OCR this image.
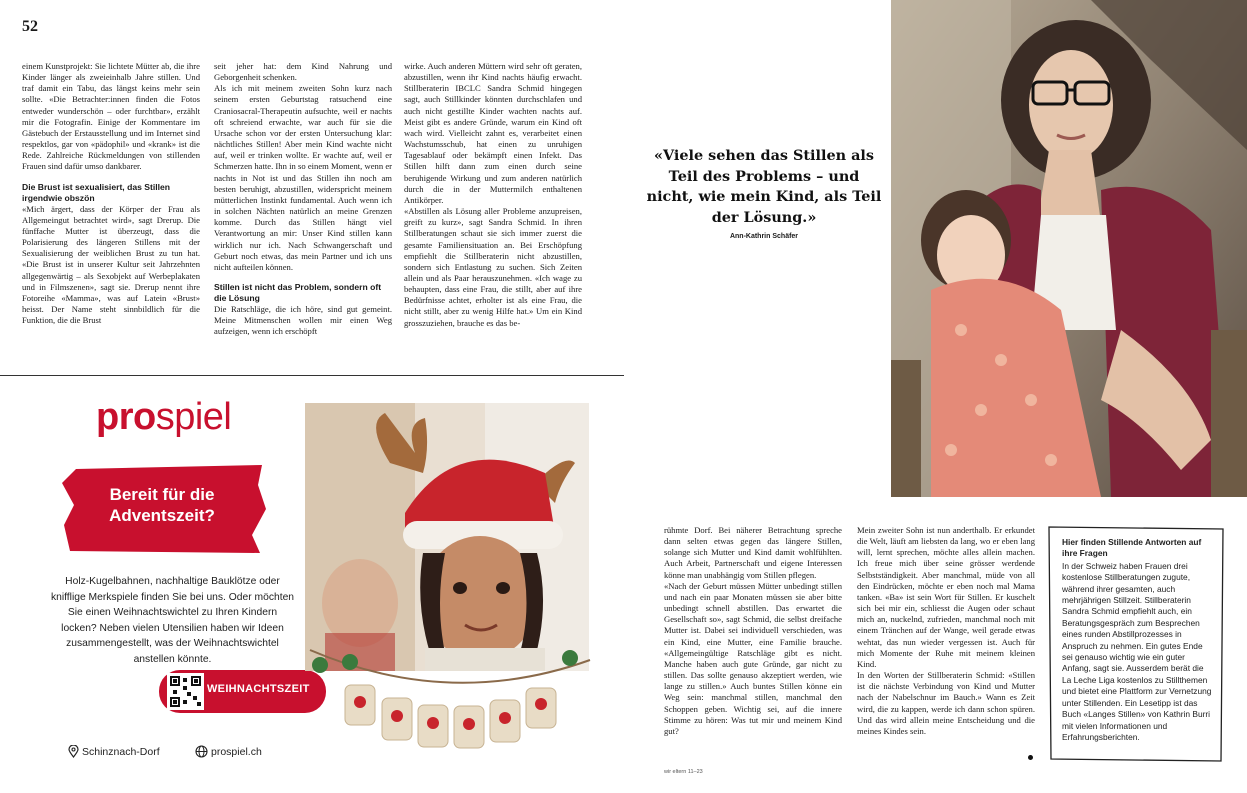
52

einem Kunstprojekt: Sie lichtete Mütter ab, die ihre Kinder länger als zweieinhalb Jahre stillen. Und traf damit ein Tabu, das längst keins mehr sein sollte. «Die Betrachter:innen finden die Fotos entweder wunderschön – oder furchtbar», erzählt mir die Fotografin. Einige der Kommentare im Gästebuch der Erstausstellung und im Internet sind respektlos, gar von «pädophil» und «krank» ist die Rede. Zahlreiche Rückmeldungen von stillenden Frauen sind dafür umso dankbarer.

Die Brust ist sexualisiert, das Stillen irgendwie obszön

«Mich ärgert, dass der Körper der Frau als Allgemeingut betrachtet wird», sagt Drerup. Die fünffache Mutter ist überzeugt, dass die Polarisierung des längeren Stillens mit der Sexualisierung der weiblichen Brust zu tun hat. «Die Brust ist in unserer Kultur seit Jahrzehnten allgegenwärtig – als Sexobjekt auf Werbeplakaten und in Filmszenen», sagt sie. Drerup nennt ihre Fotoreihe «Mamma», was auf Latein «Brust» heisst. Der Name steht sinnbildlich für die Funktion, die die Brust

seit jeher hat: dem Kind Nahrung und Geborgenheit schenken.

Als ich mit meinem zweiten Sohn kurz nach seinem ersten Geburtstag ratsuchend eine Craniosacral-Therapeutin aufsuchte, weil er nachts oft schreiend erwachte, war auch für sie die Ursache schon vor der ersten Untersuchung klar: nächtliches Stillen! Aber mein Kind wachte nicht auf, weil er trinken wollte. Er wachte auf, weil er Schmerzen hatte. Ihn in so einem Moment, wenn er nachts in Not ist und das Stillen ihn noch am besten beruhigt, abzustillen, widerspricht meinem mütterlichen Instinkt fundamental. Auch wenn ich in solchen Nächten natürlich an meine Grenzen komme. Durch das Stillen hängt viel Verantwortung an mir: Unser Kind stillen kann wirklich nur ich. Nach Schwangerschaft und Geburt noch etwas, das mein Partner und ich uns nicht aufteilen können.

Stillen ist nicht das Problem, sondern oft die Lösung

Die Ratschläge, die ich höre, sind gut gemeint. Meine Mitmenschen wollen mir einen Weg aufzeigen, wenn ich erschöpft

wirke. Auch anderen Müttern wird sehr oft geraten, abzustillen, wenn ihr Kind nachts häufig erwacht. Stillberaterin IBCLC Sandra Schmid hingegen sagt, auch Stillkinder könnten durchschlafen und auch nicht gestillte Kinder wachten nachts auf. Meist gibt es andere Gründe, warum ein Kind oft wach wird. Vielleicht zahnt es, verarbeitet einen Wachstumsschub, hat einen zu unruhigen Tagesablauf oder bekämpft einen Infekt. Das Stillen hilft dann zum einen durch seine beruhigende Wirkung und zum anderen natürlich durch die in der Muttermilch enthaltenen Antikörper.

«Abstillen als Lösung aller Probleme anzupreisen, greift zu kurz», sagt Sandra Schmid. In ihren Stillberatungen schaut sie sich immer zuerst die gesamte Familiensituation an. Bei Erschöpfung empfiehlt die Stillberaterin nicht abzustillen, sondern sich Entlastung zu suchen. Sich Zeiten allein und als Paar herauszunehmen. «Ich wage zu behaupten, dass eine Frau, die stillt, aber auf ihre Bedürfnisse achtet, erholter ist als eine Frau, die nicht stillt, aber zu wenig Hilfe hat.» Um ein Kind grosszuziehen, brauche es das be-

«Viele sehen das Stillen als Teil des Problems – und nicht, wie mein Kind, als Teil der Lösung.»
Ann-Kathrin Schäfer
prospiel
Bereit für die
Adventszeit?
Holz-Kugelbahnen, nachhaltige Bauklötze oder knifflige Merkspiele finden Sie bei uns. Oder möchten Sie einen Weihnachtswichtel zu Ihren Kindern locken? Neben vielen Utensilien haben wir Ideen zusammengestellt, was der Weihnachtswichtel anstellen könnte.
WEIHNACHTSZEIT
Schinznach-Dorf	prospiel.ch

rühmte Dorf. Bei näherer Betrachtung spreche dann selten etwas gegen das längere Stillen, solange sich Mutter und Kind damit wohlfühlten. Auch Arbeit, Partnerschaft und eigene Interessen könne man unabhängig vom Stillen pflegen.

«Nach der Geburt müssen Mütter unbedingt stillen und nach ein paar Monaten müssen sie aber bitte unbedingt schnell abstillen. Das erwartet die Gesellschaft so», sagt Schmid, die selbst dreifache Mutter ist. Dabei sei individuell verschieden, was ein Kind, eine Mutter, eine Familie brauche. «Allgemeingültige Ratschläge gibt es nicht. Manche haben auch gute Gründe, gar nicht zu stillen. Das sollte genauso akzeptiert werden, wie lange zu stillen.» Auch buntes Stillen könne ein Weg sein: manchmal stillen, manchmal den Schoppen geben. Wichtig sei, auf die innere Stimme zu hören: Was tut mir und meinem Kind gut?

Mein zweiter Sohn ist nun anderthalb. Er erkundet die Welt, läuft am liebsten da lang, wo er eben lang will, lernt sprechen, möchte alles allein machen. Ich freue mich über seine grösser werdende Selbstständigkeit. Aber manchmal, müde von all den Eindrücken, möchte er eben noch mal Mama tanken. «Ba» ist sein Wort für Stillen. Er kuschelt sich bei mir ein, schliesst die Augen oder schaut mich an, nuckelnd, zufrieden, manchmal noch mit einem Tränchen auf der Wange, weil gerade etwas wehtat, das nun wieder vergessen ist. Auch für mich Momente der Ruhe mit meinem kleinen Kind.

In den Worten der Stillberaterin Schmid: «Stillen ist die nächste Verbindung von Kind und Mutter nach der Nabelschnur im Bauch.» Wann es Zeit wird, die zu kappen, werde ich dann schon spüren. Und das wird allein meine Entscheidung und die meines Kindes sein.

Hier finden Stillende Antworten auf ihre Fragen
In der Schweiz haben Frauen drei kostenlose Stillberatungen zugute, während ihrer gesamten, auch mehrjährigen Stillzeit. Stillberaterin Sandra Schmid empfiehlt auch, ein Beratungsgespräch zum Besprechen eines runden Abstillprozesses in Anspruch zu nehmen. Ein gutes Ende sei genauso wichtig wie ein guter Anfang, sagt sie. Ausserdem berät die La Leche Liga kostenlos zu Stillthemen und bietet eine Plattform zur Vernetzung unter Stillenden. Ein Lesetipp ist das Buch «Langes Stillen» von Kathrin Burri mit vielen Informationen und Erfahrungsberichten.
wir eltern 11–23
